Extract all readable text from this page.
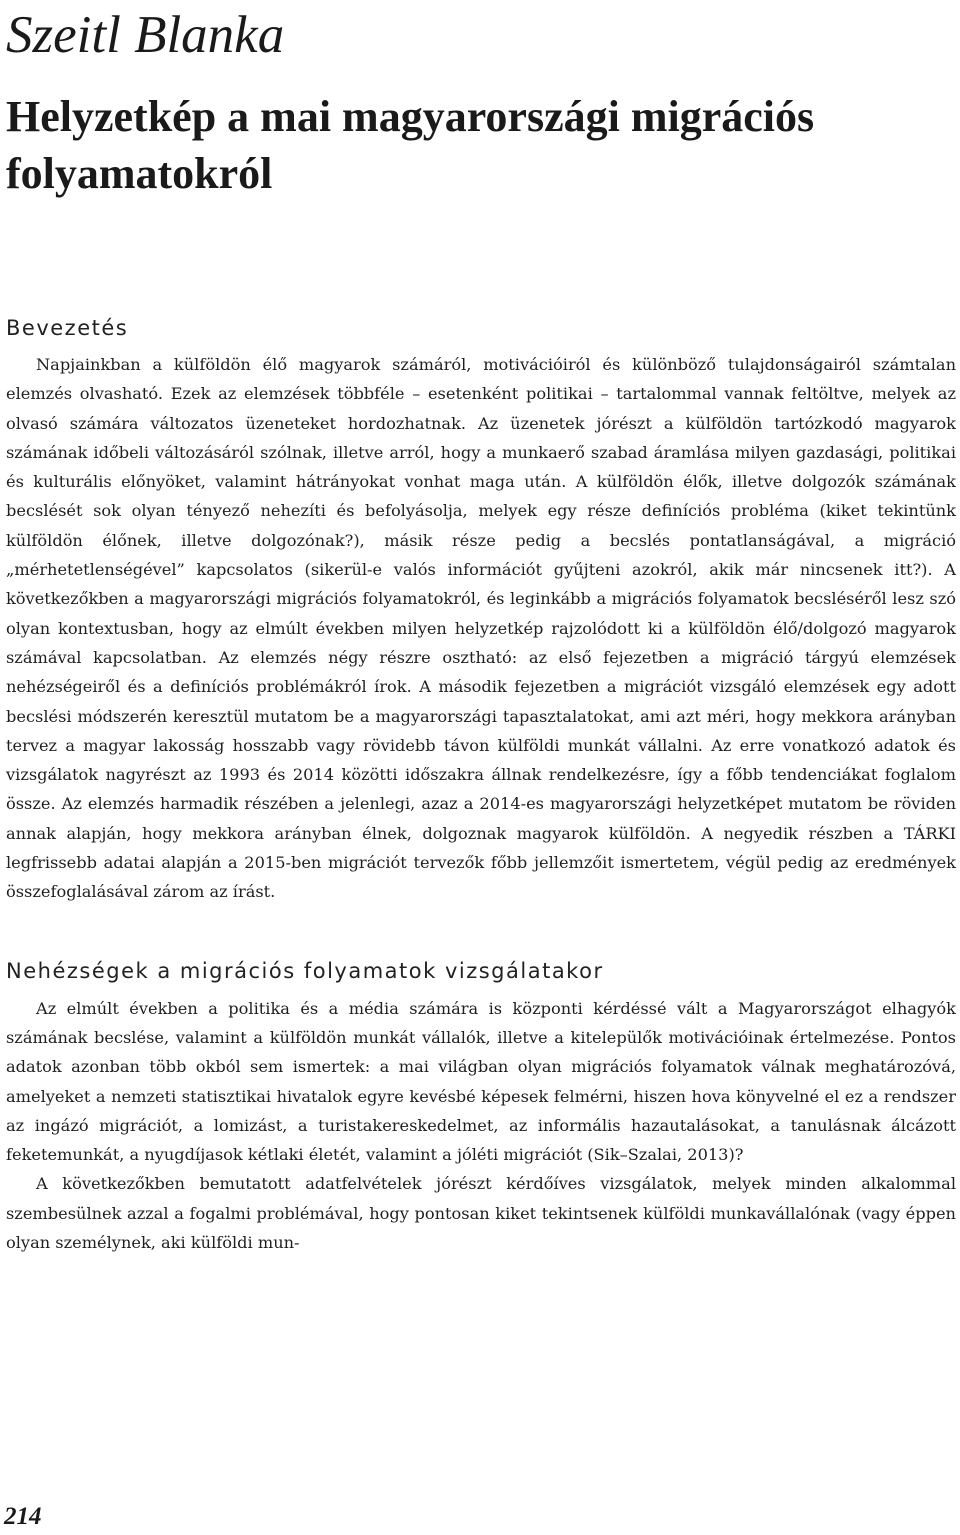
Szeitl Blanka
Helyzetkép a mai magyarországi migrációs folyamatokról
Bevezetés

Napjainkban a külföldön élő magyarok számáról, motivációiról és különböző tulajdonságairól számtalan elemzés olvasható. Ezek az elemzések többféle – esetenként politikai – tartalommal vannak feltöltve, melyek az olvasó számára változatos üzeneteket hordozhatnak. Az üzenetek jórészt a külföldön tartózkodó magyarok számának időbeli változásáról szólnak, illetve arról, hogy a munkaerő szabad áramlása milyen gazdasági, politikai és kulturális előnyöket, valamint hátrányokat vonhat maga után. A külföldön élők, illetve dolgozók számának becslését sok olyan tényező nehezíti és befolyásolja, melyek egy része definíciós probléma (kiket tekintünk külföldön élőnek, illetve dolgozónak?), másik része pedig a becslés pontatlanságával, a migráció „mérhetetlenségével” kapcsolatos (sikerül-e valós információt gyűjteni azokról, akik már nincsenek itt?). A következőkben a magyarországi migrációs folyamatokról, és leginkább a migrációs folyamatok becsléséről lesz szó olyan kontextusban, hogy az elmúlt években milyen helyzetkép rajzolódott ki a külföldön élő/dolgozó magyarok számával kapcsolatban. Az elemzés négy részre osztható: az első fejezetben a migráció tárgyú elemzések nehézségeiről és a definíciós problémákról írok. A második fejezetben a migrációt vizsgáló elemzések egy adott becslési módszerén keresztül mutatom be a magyarországi tapasztalatokat, ami azt méri, hogy mekkora arányban tervez a magyar lakosság hosszabb vagy rövidebb távon külföldi munkát vállalni. Az erre vonatkozó adatok és vizsgálatok nagyrészt az 1993 és 2014 közötti időszakra állnak rendelkezésre, így a főbb tendenciákat foglalom össze. Az elemzés harmadik részében a jelenlegi, azaz a 2014-es magyarországi helyzetképet mutatom be röviden annak alapján, hogy mekkora arányban élnek, dolgoznak magyarok külföldön. A negyedik részben a TÁRKI legfrissebb adatai alapján a 2015-ben migrációt tervezők főbb jellemzőit ismertetem, végül pedig az eredmények összefoglalásával zárom az írást.

Nehézségek a migrációs folyamatok vizsgálatakor

Az elmúlt években a politika és a média számára is központi kérdéssé vált a Magyarországot elhagyók számának becslése, valamint a külföldön munkát vállalók, illetve a kitelepülők motivációinak értelmezése. Pontos adatok azonban több okból sem ismertek: a mai világban olyan migrációs folyamatok válnak meghatározóvá, amelyeket a nemzeti statisztikai hivatalok egyre kevésbé képesek felmérni, hiszen hova könyvelné el ez a rendszer az ingázó migrációt, a lomizást, a turistakereskedelmet, az informális hazautalásokat, a tanulásnak álcázott feketemunkát, a nyugdíjasok kétlaki életét, valamint a jóléti migrációt (Sik–Szalai, 2013)?

A következőkben bemutatott adatfelvételek jórészt kérdőíves vizsgálatok, melyek minden alkalommal szembesülnek azzal a fogalmi problémával, hogy pontosan kiket tekintsenek külföldi munkavállalónak (vagy éppen olyan személynek, aki külföldi mun-

214
